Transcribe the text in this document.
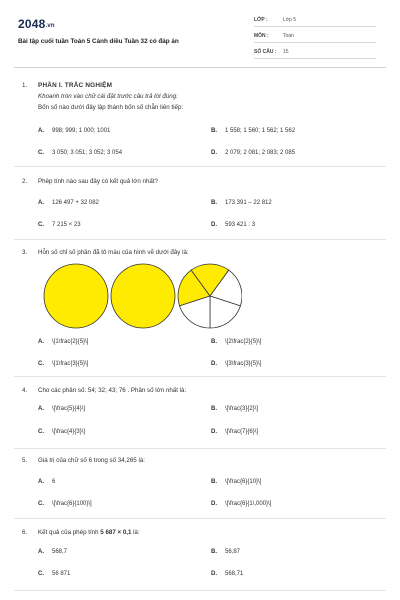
2048.vn
Bài tập cuối tuần Toán 5 Cánh diều Tuần 32 có đáp án
LỚP :	Lớp 5
MÔN :	Toán
SỐ CÂU : 15
1. PHẦN I. TRẮC NGHIỆM
Khoanh tròn vào chữ cái đặt trước câu trả lời đúng:
Bốn số nào dưới đây lập thành bốn số chẵn liên tiếp:
A. 998; 999; 1 000; 1001	B. 1 558; 1 560; 1 562; 1 562
C. 3 050; 3 051; 3 052; 3 054	D. 2 079; 2 081; 2 083; 2 085
2. Phép tính nào sau đây có kết quả lớn nhất?
A. 126 497 + 32 082	B. 173 391 – 22 812
C. 7 215 × 23	D. 593 421 : 3
3. Hỗn số chỉ số phần đã tô màu của hình vẽ dưới đây là:
A. \[1\frac{2}{5}\]	B. \[2\frac{2}{5}\]
C. \[1\frac{3}{5}\]	D. \[3\frac{3}{5}\]
4. Cho các phân số: 54; 32; 43; 76 . Phân số lớn nhất là:
A. \[\frac{5}{4}\]	B. \[\frac{3}{2}\]
C. \[\frac{4}{3}\]	D. \[\frac{7}{6}\]
5. Giá trị của chữ số 6 trong số 34,265 là:
A. 6	B. \[\frac{6}{10}\]
C. \[\frac{6}{100}\]	D. \[\frac{6}{1\,000}\]
6. Kết quả của phép tính 5 687 × 0,1 là:
A. 568,7	B. 56,87
C. 56 871	D. 568,71
